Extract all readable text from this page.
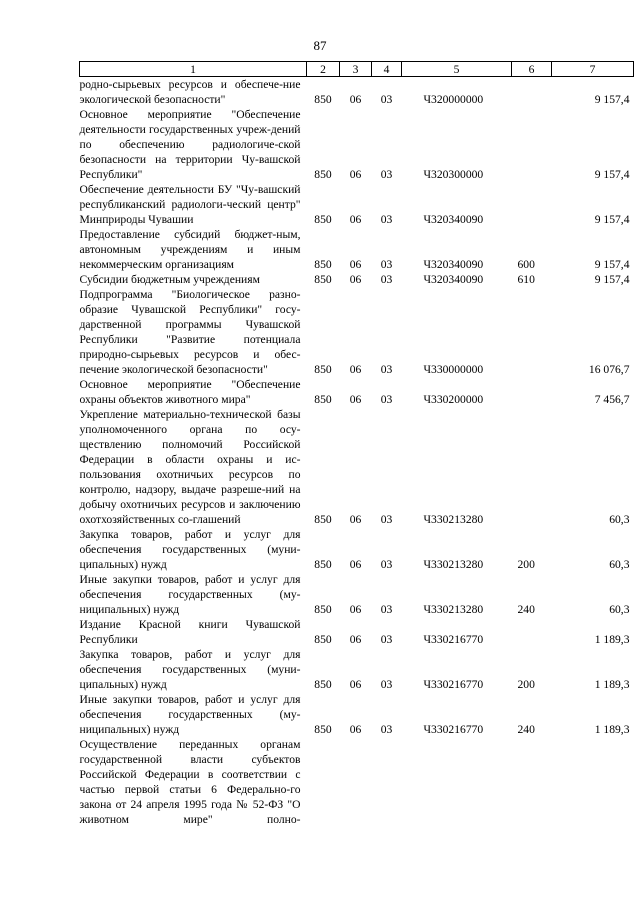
87
1	2	3	4	5	6	7
родно-сырьевых ресурсов и обеспече-ние экологической безопасности"	850	06	03	Ч320000000		9 157,4
Основное мероприятие "Обеспечение деятельности государственных учреж-дений по обеспечению радиологиче-ской безопасности на территории Чу-вашской Республики"	850	06	03	Ч320300000		9 157,4
Обеспечение деятельности БУ "Чу-вашский республиканский радиологи-ческий центр" Минприроды Чувашии	850	06	03	Ч320340090		9 157,4
Предоставление субсидий бюджет-ным, автономным учреждениям и иным некоммерческим организациям	850	06	03	Ч320340090	600	9 157,4
Субсидии бюджетным учреждениям	850	06	03	Ч320340090	610	9 157,4
Подпрограмма "Биологическое разно-образие Чувашской Республики" госу-дарственной программы Чувашской Республики "Развитие потенциала природно-сырьевых ресурсов и обес-печение экологической безопасности"	850	06	03	Ч330000000		16 076,7
Основное мероприятие "Обеспечение охраны объектов животного мира"	850	06	03	Ч330200000		7 456,7
Укрепление материально-технической базы уполномоченного органа по осу-ществлению полномочий Российской Федерации в области охраны и ис-пользования охотничьих ресурсов по контролю, надзору, выдаче разреше-ний на добычу охотничьих ресурсов и заключению охотхозяйственных со-глашений	850	06	03	Ч330213280		60,3
Закупка товаров, работ и услуг для обеспечения государственных (муни-ципальных) нужд	850	06	03	Ч330213280	200	60,3
Иные закупки товаров, работ и услуг для обеспечения государственных (му-ниципальных) нужд	850	06	03	Ч330213280	240	60,3
Издание Красной книги Чувашской Республики	850	06	03	Ч330216770		1 189,3
Закупка товаров, работ и услуг для обеспечения государственных (муни-ципальных) нужд	850	06	03	Ч330216770	200	1 189,3
Иные закупки товаров, работ и услуг для обеспечения государственных (му-ниципальных) нужд	850	06	03	Ч330216770	240	1 189,3
Осуществление переданных органам государственной власти субъектов Российской Федерации в соответствии с частью первой статьи 6 Федерально-го закона от 24 апреля 1995 года № 52-ФЗ "О животном мире" полно-						
